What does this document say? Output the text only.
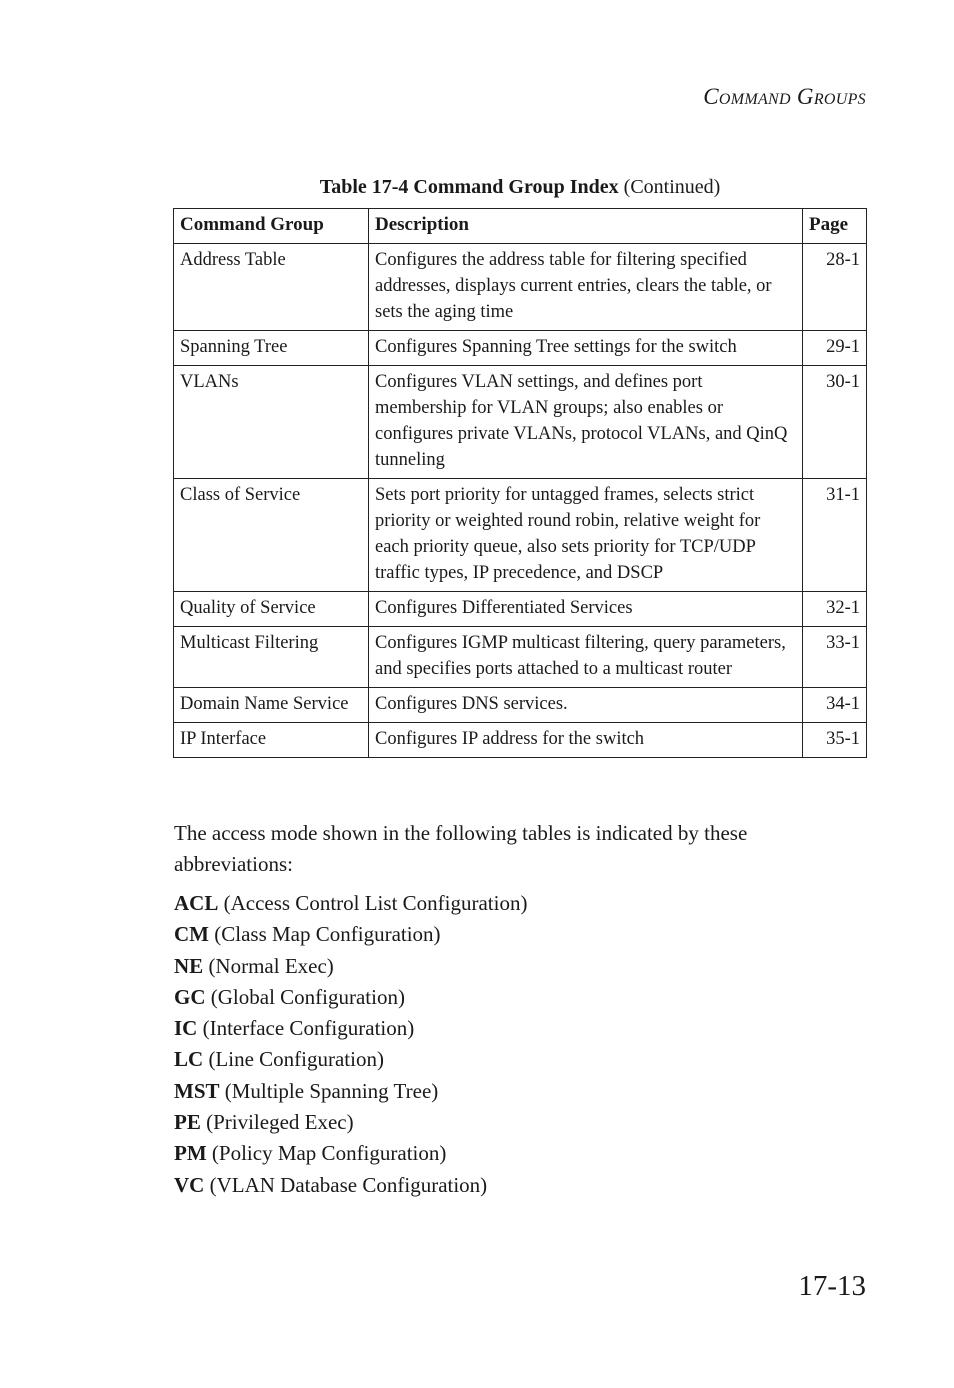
Command Groups
Table 17-4 Command Group Index (Continued)
Command Group	Description	Page
Address Table	Configures the address table for filtering specified addresses, displays current entries, clears the table, or sets the aging time	28-1
Spanning Tree	Configures Spanning Tree settings for the switch	29-1
VLANs	Configures VLAN settings, and defines port membership for VLAN groups; also enables or configures private VLANs, protocol VLANs, and QinQ tunneling	30-1
Class of Service	Sets port priority for untagged frames, selects strict priority or weighted round robin, relative weight for each priority queue, also sets priority for TCP/UDP traffic types, IP precedence, and DSCP	31-1
Quality of Service	Configures Differentiated Services	32-1
Multicast Filtering	Configures IGMP multicast filtering, query parameters, and specifies ports attached to a multicast router	33-1
Domain Name Service	Configures DNS services.	34-1
IP Interface	Configures IP address for the switch	35-1
The access mode shown in the following tables is indicated by these abbreviations:
ACL (Access Control List Configuration)
CM (Class Map Configuration)
NE (Normal Exec)
GC (Global Configuration)
IC (Interface Configuration)
LC (Line Configuration)
MST (Multiple Spanning Tree)
PE (Privileged Exec)
PM (Policy Map Configuration)
VC (VLAN Database Configuration)
17-13
